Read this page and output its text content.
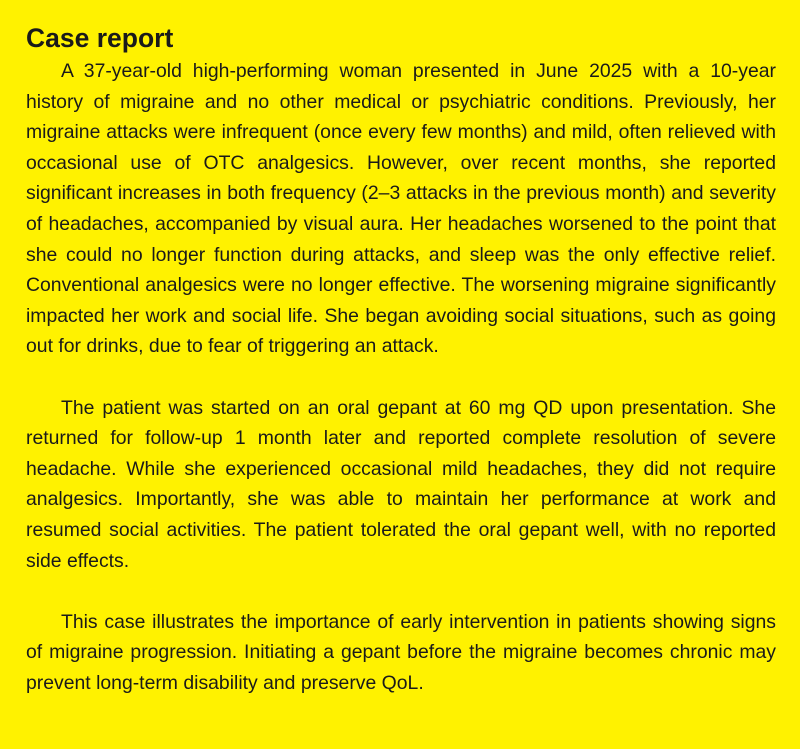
Case report

A 37-year-old high-performing woman presented in June 2025 with a 10-year history of migraine and no other medical or psychiatric conditions. Previously, her migraine attacks were infrequent (once every few months) and mild, often relieved with occasional use of OTC analgesics. However, over recent months, she reported significant increases in both frequency (2–3 attacks in the previous month) and severity of headaches, accompanied by visual aura. Her headaches worsened to the point that she could no longer function during attacks, and sleep was the only effective relief. Conventional analgesics were no longer effective. The worsening migraine significantly impacted her work and social life. She began avoiding social situations, such as going out for drinks, due to fear of triggering an attack.

The patient was started on an oral gepant at 60 mg QD upon presentation. She returned for follow-up 1 month later and reported complete resolution of severe headache. While she experienced occasional mild headaches, they did not require analgesics. Importantly, she was able to maintain her performance at work and resumed social activities. The patient tolerated the oral gepant well, with no reported side effects.

This case illustrates the importance of early intervention in patients showing signs of migraine progression. Initiating a gepant before the migraine becomes chronic may prevent long-term disability and preserve QoL.
